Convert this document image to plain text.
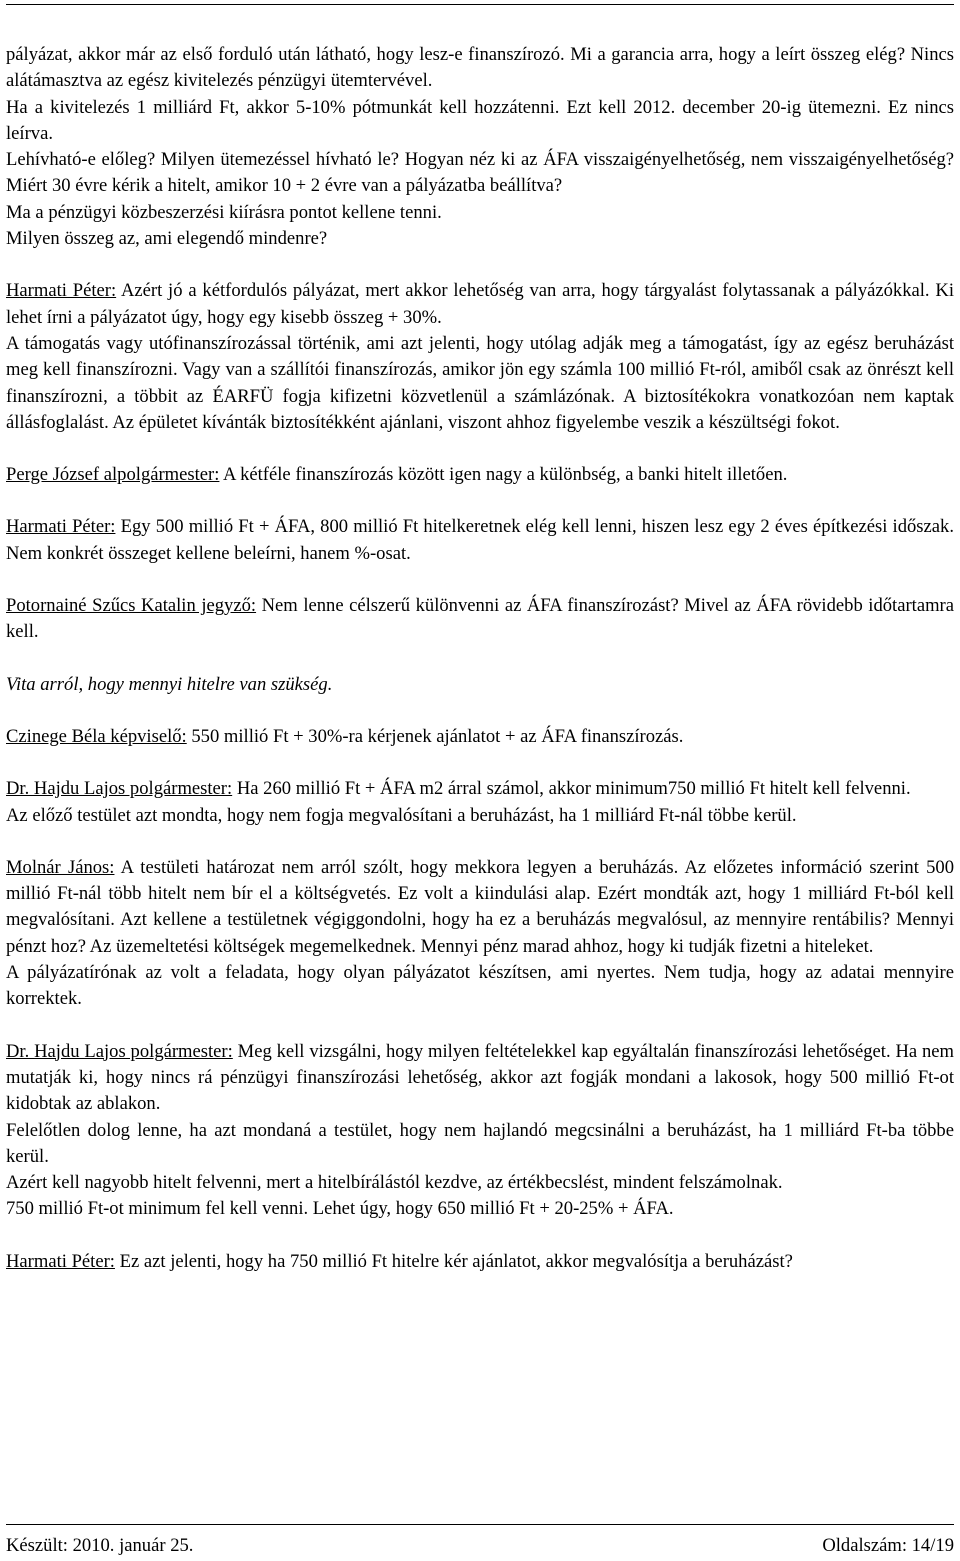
pályázat, akkor már az első forduló után látható, hogy lesz-e finanszírozó. Mi a garancia arra, hogy a leírt összeg elég? Nincs alátámasztva az egész kivitelezés pénzügyi ütemtervével.

Ha a kivitelezés 1 milliárd Ft, akkor 5-10% pótmunkát kell hozzátenni. Ezt kell 2012. december 20-ig ütemezni. Ez nincs leírva.

Lehívható-e előleg? Milyen ütemezéssel hívható le? Hogyan néz ki az ÁFA visszaigényelhetőség, nem visszaigényelhetőség? Miért 30 évre kérik a hitelt, amikor 10 + 2 évre van a pályázatba beállítva?

Ma a pénzügyi közbeszerzési kiírásra pontot kellene tenni.

Milyen összeg az, ami elegendő mindenre?

Harmati Péter: Azért jó a kétfordulós pályázat, mert akkor lehetőség van arra, hogy tárgyalást folytassanak a pályázókkal. Ki lehet írni a pályázatot úgy, hogy egy kisebb összeg + 30%.

A támogatás vagy utófinanszírozással történik, ami azt jelenti, hogy utólag adják meg a támogatást, így az egész beruházást meg kell finanszírozni. Vagy van a szállítói finanszírozás, amikor jön egy számla 100 millió Ft-ról, amiből csak az önrészt kell finanszírozni, a többit az ÉARFÜ fogja kifizetni közvetlenül a számlázónak. A biztosítékokra vonatkozóan nem kaptak állásfoglalást. Az épületet kívánták biztosítékként ajánlani, viszont ahhoz figyelembe veszik a készültségi fokot.

Perge József alpolgármester: A kétféle finanszírozás között igen nagy a különbség, a banki hitelt illetően.

Harmati Péter: Egy 500 millió Ft + ÁFA, 800 millió Ft hitelkeretnek elég kell lenni, hiszen lesz egy 2 éves építkezési időszak. Nem konkrét összeget kellene beleírni, hanem %-osat.

Potornainé Szűcs Katalin jegyző: Nem lenne célszerű különvenni az ÁFA finanszírozást? Mivel az ÁFA rövidebb időtartamra kell.

Vita arról, hogy mennyi hitelre van szükség.

Czinege Béla képviselő: 550 millió Ft + 30%-ra kérjenek ajánlatot + az ÁFA finanszírozás.

Dr. Hajdu Lajos polgármester: Ha 260 millió Ft + ÁFA m2 árral számol, akkor minimum750 millió Ft hitelt kell felvenni.

Az előző testület azt mondta, hogy nem fogja megvalósítani a beruházást, ha 1 milliárd Ft-nál többe kerül.

Molnár János: A testületi határozat nem arról szólt, hogy mekkora legyen a beruházás. Az előzetes információ szerint 500 millió Ft-nál több hitelt nem bír el a költségvetés. Ez volt a kiindulási alap. Ezért mondták azt, hogy 1 milliárd Ft-ból kell megvalósítani. Azt kellene a testületnek végiggondolni, hogy ha ez a beruházás megvalósul, az mennyire rentábilis? Mennyi pénzt hoz? Az üzemeltetési költségek megemelkednek. Mennyi pénz marad ahhoz, hogy ki tudják fizetni a hiteleket.

A pályázatírónak az volt a feladata, hogy olyan pályázatot készítsen, ami nyertes. Nem tudja, hogy az adatai mennyire korrektek.

Dr. Hajdu Lajos polgármester: Meg kell vizsgálni, hogy milyen feltételekkel kap egyáltalán finanszírozási lehetőséget. Ha nem mutatják ki, hogy nincs rá pénzügyi finanszírozási lehetőség, akkor azt fogják mondani a lakosok, hogy 500 millió Ft-ot kidobtak az ablakon.

Felelőtlen dolog lenne, ha azt mondaná a testület, hogy nem hajlandó megcsinálni a beruházást, ha 1 milliárd Ft-ba többe kerül.

Azért kell nagyobb hitelt felvenni, mert a hitelbírálástól kezdve, az értékbecslést, mindent felszámolnak.

750 millió Ft-ot minimum fel kell venni. Lehet úgy, hogy 650 millió Ft + 20-25% + ÁFA.

Harmati Péter: Ez azt jelenti, hogy ha 750 millió Ft hitelre kér ajánlatot, akkor megvalósítja a beruházást?

Készült: 2010. január 25.	Oldalszám: 14/19
